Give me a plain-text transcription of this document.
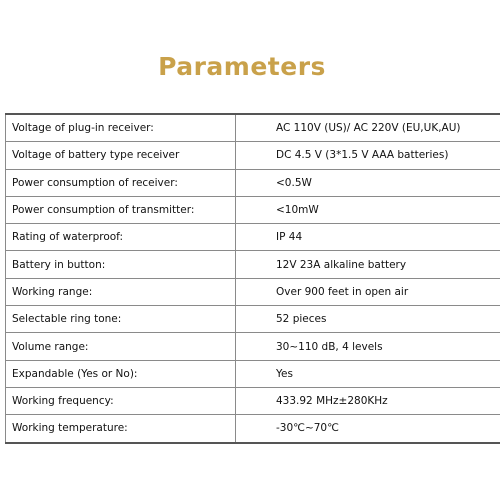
Parameters
Voltage of plug-in receiver:	AC 110V (US)/ AC 220V (EU,UK,AU)
Voltage of battery type receiver	DC 4.5 V (3*1.5 V AAA batteries)
Power consumption of receiver:	<0.5W
Power consumption of transmitter:	<10mW
Rating of waterproof:	IP 44
Battery in button:	12V 23A alkaline battery
Working range:	Over 900 feet in open air
Selectable ring tone:	52 pieces
Volume range:	30~110 dB, 4 levels
Expandable (Yes or No):	Yes
Working frequency:	433.92 MHz±280KHz
Working temperature:	-30℃~70℃
